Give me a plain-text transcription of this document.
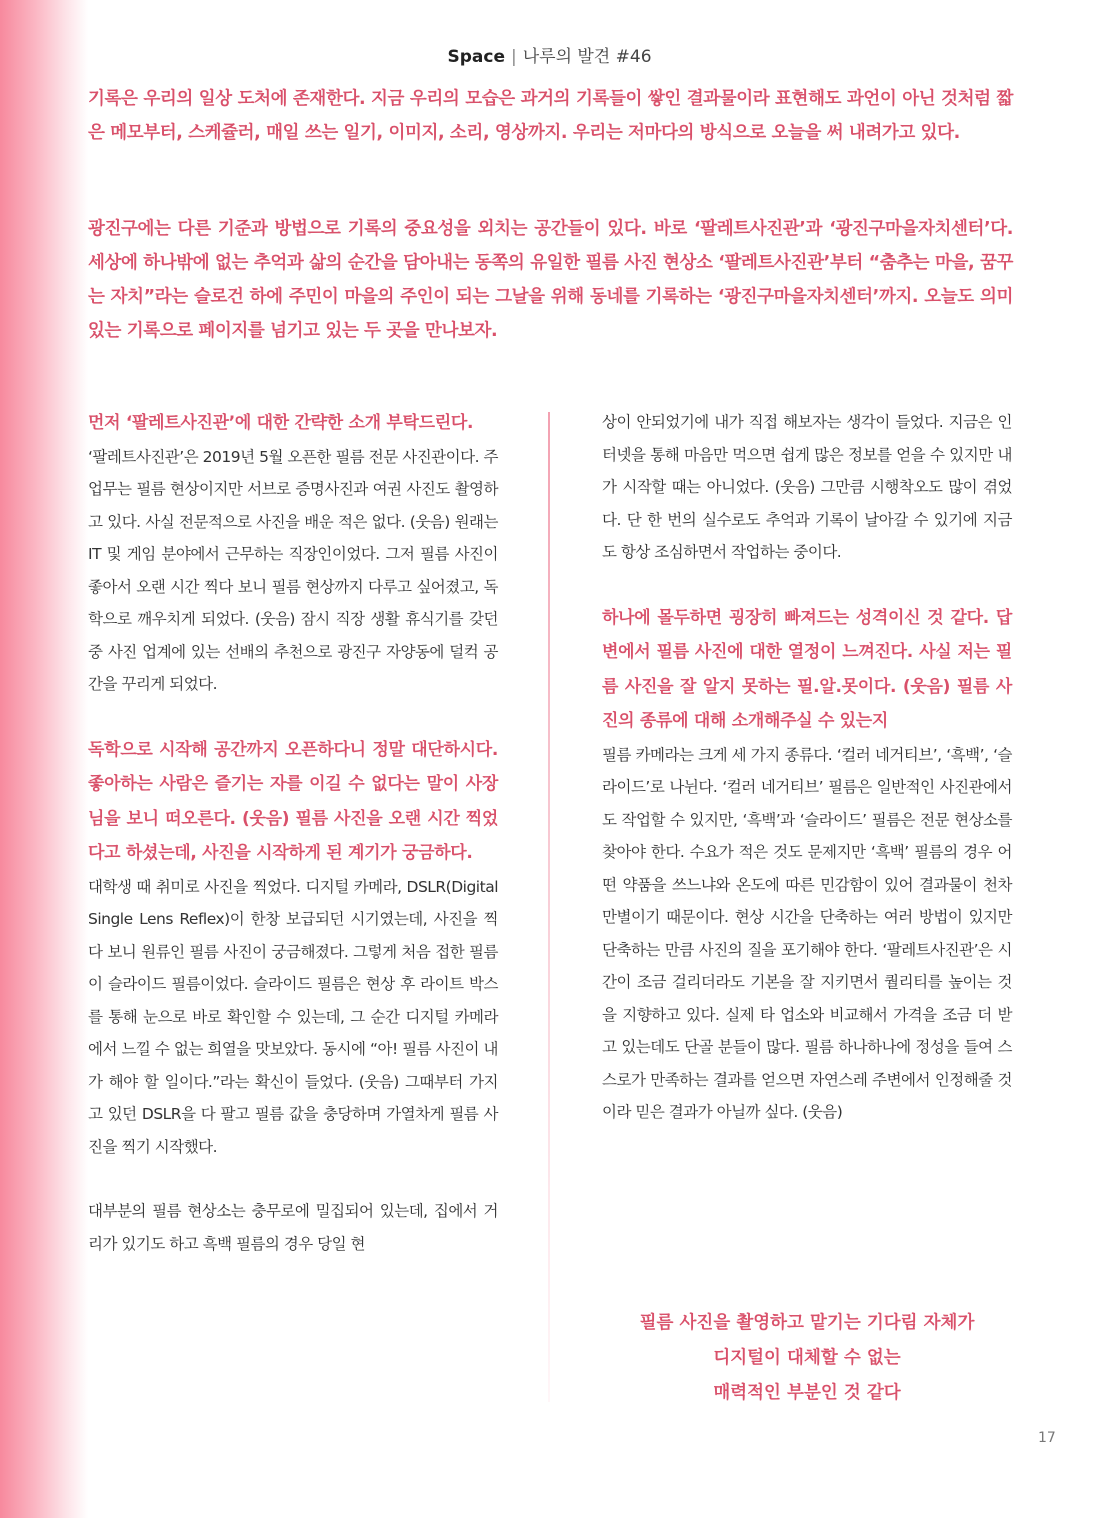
Space | 나루의 발견 #46

기록은 우리의 일상 도처에 존재한다. 지금 우리의 모습은 과거의 기록들이 쌓인 결과물이라 표현해도 과언이 아닌 것처럼 짧은 메모부터, 스케쥴러, 매일 쓰는 일기, 이미지, 소리, 영상까지. 우리는 저마다의 방식으로 오늘을 써 내려가고 있다.

광진구에는 다른 기준과 방법으로 기록의 중요성을 외치는 공간들이 있다. 바로 ‘팔레트사진관’과 ‘광진구마을자치센터’다. 세상에 하나밖에 없는 추억과 삶의 순간을 담아내는 동쪽의 유일한 필름 사진 현상소 ‘팔레트사진관’부터 “춤추는 마을, 꿈꾸는 자치”라는 슬로건 하에 주민이 마을의 주인이 되는 그날을 위해 동네를 기록하는 ‘광진구마을자치센터’까지. 오늘도 의미 있는 기록으로 페이지를 넘기고 있는 두 곳을 만나보자.

먼저 ‘팔레트사진관’에 대한 간략한 소개 부탁드린다.

‘팔레트사진관’은 2019년 5월 오픈한 필름 전문 사진관이다. 주 업무는 필름 현상이지만 서브로 증명사진과 여권 사진도 촬영하고 있다. 사실 전문적으로 사진을 배운 적은 없다. (웃음) 원래는 IT 및 게임 분야에서 근무하는 직장인이었다. 그저 필름 사진이 좋아서 오랜 시간 찍다 보니 필름 현상까지 다루고 싶어졌고, 독학으로 깨우치게 되었다. (웃음) 잠시 직장 생활 휴식기를 갖던 중 사진 업계에 있는 선배의 추천으로 광진구 자양동에 덜컥 공간을 꾸리게 되었다.

독학으로 시작해 공간까지 오픈하다니 정말 대단하시다. 좋아하는 사람은 즐기는 자를 이길 수 없다는 말이 사장님을 보니 떠오른다. (웃음) 필름 사진을 오랜 시간 찍었다고 하셨는데, 사진을 시작하게 된 계기가 궁금하다.

대학생 때 취미로 사진을 찍었다. 디지털 카메라, DSLR(Digital Single Lens Reflex)이 한창 보급되던 시기였는데, 사진을 찍다 보니 원류인 필름 사진이 궁금해졌다. 그렇게 처음 접한 필름이 슬라이드 필름이었다. 슬라이드 필름은 현상 후 라이트 박스를 통해 눈으로 바로 확인할 수 있는데, 그 순간 디지털 카메라에서 느낄 수 없는 희열을 맛보았다. 동시에 “아! 필름 사진이 내가 해야 할 일이다.”라는 확신이 들었다. (웃음) 그때부터 가지고 있던 DSLR을 다 팔고 필름 값을 충당하며 가열차게 필름 사진을 찍기 시작했다.

대부분의 필름 현상소는 충무로에 밀집되어 있는데, 집에서 거리가 있기도 하고 흑백 필름의 경우 당일 현

상이 안되었기에 내가 직접 해보자는 생각이 들었다. 지금은 인터넷을 통해 마음만 먹으면 쉽게 많은 정보를 얻을 수 있지만 내가 시작할 때는 아니었다. (웃음) 그만큼 시행착오도 많이 겪었다. 단 한 번의 실수로도 추억과 기록이 날아갈 수 있기에 지금도 항상 조심하면서 작업하는 중이다.

하나에 몰두하면 굉장히 빠져드는 성격이신 것 같다. 답변에서 필름 사진에 대한 열정이 느껴진다. 사실 저는 필름 사진을 잘 알지 못하는 필.알.못이다. (웃음) 필름 사진의 종류에 대해 소개해주실 수 있는지

필름 카메라는 크게 세 가지 종류다. ‘컬러 네거티브’, ‘흑백’, ‘슬라이드’로 나뉜다. ‘컬러 네거티브’ 필름은 일반적인 사진관에서도 작업할 수 있지만, ‘흑백’과 ‘슬라이드’ 필름은 전문 현상소를 찾아야 한다. 수요가 적은 것도 문제지만 ‘흑백’ 필름의 경우 어떤 약품을 쓰느냐와 온도에 따른 민감함이 있어 결과물이 천차만별이기 때문이다. 현상 시간을 단축하는 여러 방법이 있지만 단축하는 만큼 사진의 질을 포기해야 한다. ‘팔레트사진관’은 시간이 조금 걸리더라도 기본을 잘 지키면서 퀄리티를 높이는 것을 지향하고 있다. 실제 타 업소와 비교해서 가격을 조금 더 받고 있는데도 단골 분들이 많다. 필름 하나하나에 정성을 들여 스스로가 만족하는 결과를 얻으면 자연스레 주변에서 인정해줄 것이라 믿은 결과가 아닐까 싶다. (웃음)

필름 사진을 촬영하고 맡기는 기다림 자체가
디지털이 대체할 수 없는
매력적인 부분인 것 같다
17
